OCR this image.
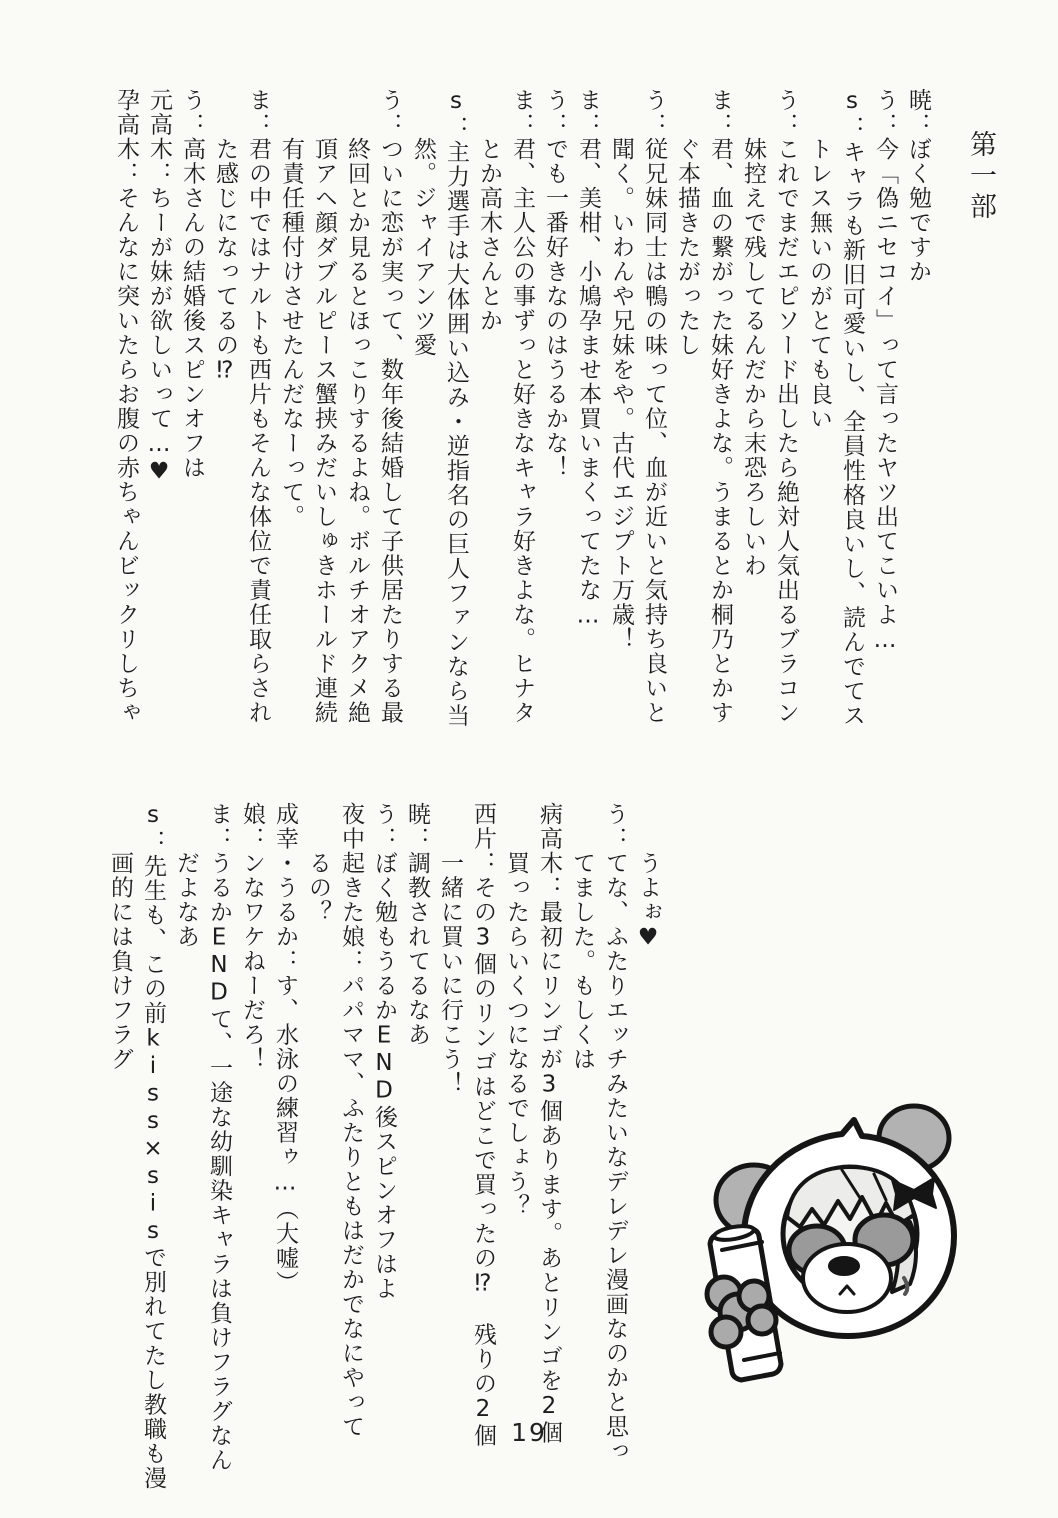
第一部
暁：ぼく勉ですか
う：今「偽ニセコイ」って言ったヤツ出てこいよ…
s：キャラも新旧可愛いし、全員性格良いし、読んでてス
トレス無いのがとても良い
う：これでまだエピソード出したら絶対人気出るブラコン
妹控えで残してるんだから末恐ろしいわ
ま：君、血の繋がった妹好きよな。うまるとか桐乃とかす
ぐ本描きたがったし
う：従兄妹同士は鴨の味って位、血が近いと気持ち良いと
聞く。いわんや兄妹をや。古代エジプト万歳！
ま：君、美柑、小鳩孕ませ本買いまくってたな…
う：でも一番好きなのはうるかな！
ま：君、主人公の事ずっと好きなキャラ好きよな。ヒナタ
とか高木さんとか
s：主力選手は大体囲い込み・逆指名の巨人ファンなら当
然。ジャイアンツ愛
う：ついに恋が実って、数年後結婚して子供居たりする最
終回とか見るとほっこりするよね。ボルチオアクメ絶
頂アヘ顔ダブルピース蟹挟みだいしゅきホールド連続
有責任種付けさせたんだなーって。
ま：君の中ではナルトも西片もそんな体位で責任取らされ
た感じになってるの⁉
う：高木さんの結婚後スピンオフは
元高木：ちーが妹が欲しいって…♥
孕高木：そんなに突いたらお腹の赤ちゃんビックリしちゃ
うよぉ♥
う：てな、ふたりエッチみたいなデレデレ漫画なのかと思っ
てました。もしくは
病高木：最初にリンゴが3個あります。あとリンゴを2個
買ったらいくつになるでしょう？
西片：その3個のリンゴはどこで買ったの⁉　残りの2個
一緒に買いに行こう！
暁：調教されてるなあ
う：ぼく勉もうるかEND後スピンオフはよ
夜中起きた娘：パパママ、ふたりともはだかでなにやって
るの？
成幸・うるか：す、水泳の練習ゥ…（大嘘）
娘：ンなワケねーだろ！
ま：うるかENDて、一途な幼馴染キャラは負けフラグなん
だよなあ
s：先生も、この前kiss×sisで別れてたし教職も漫
画的には負けフラグ
19
